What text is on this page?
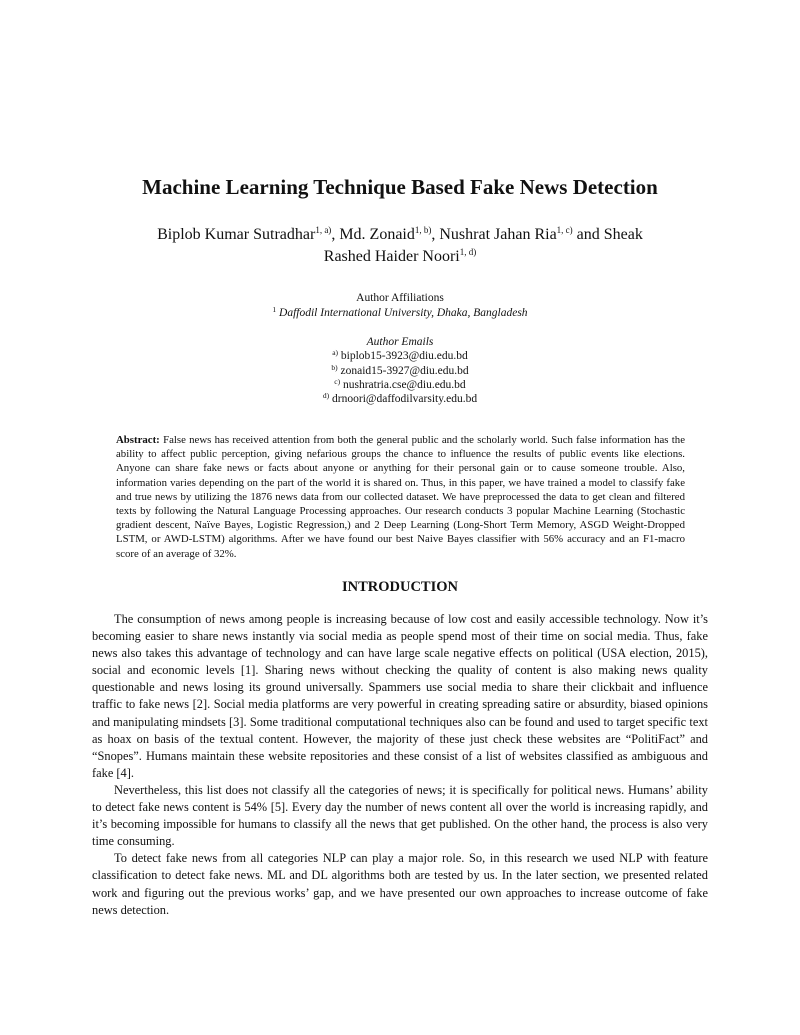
Machine Learning Technique Based Fake News Detection
Biplob Kumar Sutradhar$^{1, a)}$, Md. Zonaid$^{1, b)}$, Nushrat Jahan Ria$^{1, c)}$ and Sheak
Rashed Haider Noori$^{1, d)}$
Author Affiliations
$^1$ Daffodil International University, Dhaka, Bangladesh
Author Emails
$^{a)}$ biplob15-3923@diu.edu.bd
$^{b)}$ zonaid15-3927@diu.edu.bd
$^{c)}$ nushratria.cse@diu.edu.bd
$^{d)}$ drnoori@daffodilvarsity.edu.bd
Abstract: False news has received attention from both the general public and the scholarly world. Such false information has the ability to affect public perception, giving nefarious groups the chance to influence the results of public events like elections. Anyone can share fake news or facts about anyone or anything for their personal gain or to cause someone trouble. Also, information varies depending on the part of the world it is shared on. Thus, in this paper, we have trained a model to classify fake and true news by utilizing the 1876 news data from our collected dataset. We have preprocessed the data to get clean and filtered texts by following the Natural Language Processing approaches. Our research conducts 3 popular Machine Learning (Stochastic gradient descent, Naïve Bayes, Logistic Regression,) and 2 Deep Learning (Long-Short Term Memory, ASGD Weight-Dropped LSTM, or AWD-LSTM) algorithms. After we have found our best Naive Bayes classifier with 56% accuracy and an F1-macro score of an average of 32%.
INTRODUCTION

The consumption of news among people is increasing because of low cost and easily accessible technology. Now it’s becoming easier to share news instantly via social media as people spend most of their time on social media. Thus, fake news also takes this advantage of technology and can have large scale negative effects on political (USA election, 2015), social and economic levels [1]. Sharing news without checking the quality of content is also making news quality questionable and news losing its ground universally. Spammers use social media to share their clickbait and influence traffic to fake news [2]. Social media platforms are very powerful in creating spreading satire or absurdity, biased opinions and manipulating mindsets [3]. Some traditional computational techniques also can be found and used to target specific text as hoax on basis of the textual content. However, the majority of these just check these websites are “PolitiFact” and “Snopes”. Humans maintain these website repositories and these consist of a list of websites classified as ambiguous and fake [4].

Nevertheless, this list does not classify all the categories of news; it is specifically for political news. Humans’ ability to detect fake news content is 54% [5]. Every day the number of news content all over the world is increasing rapidly, and it’s becoming impossible for humans to classify all the news that get published. On the other hand, the process is also very time consuming.

To detect fake news from all categories NLP can play a major role. So, in this research we used NLP with feature classification to detect fake news. ML and DL algorithms both are tested by us. In the later section, we presented related work and figuring out the previous works’ gap, and we have presented our own approaches to increase outcome of fake news detection.
